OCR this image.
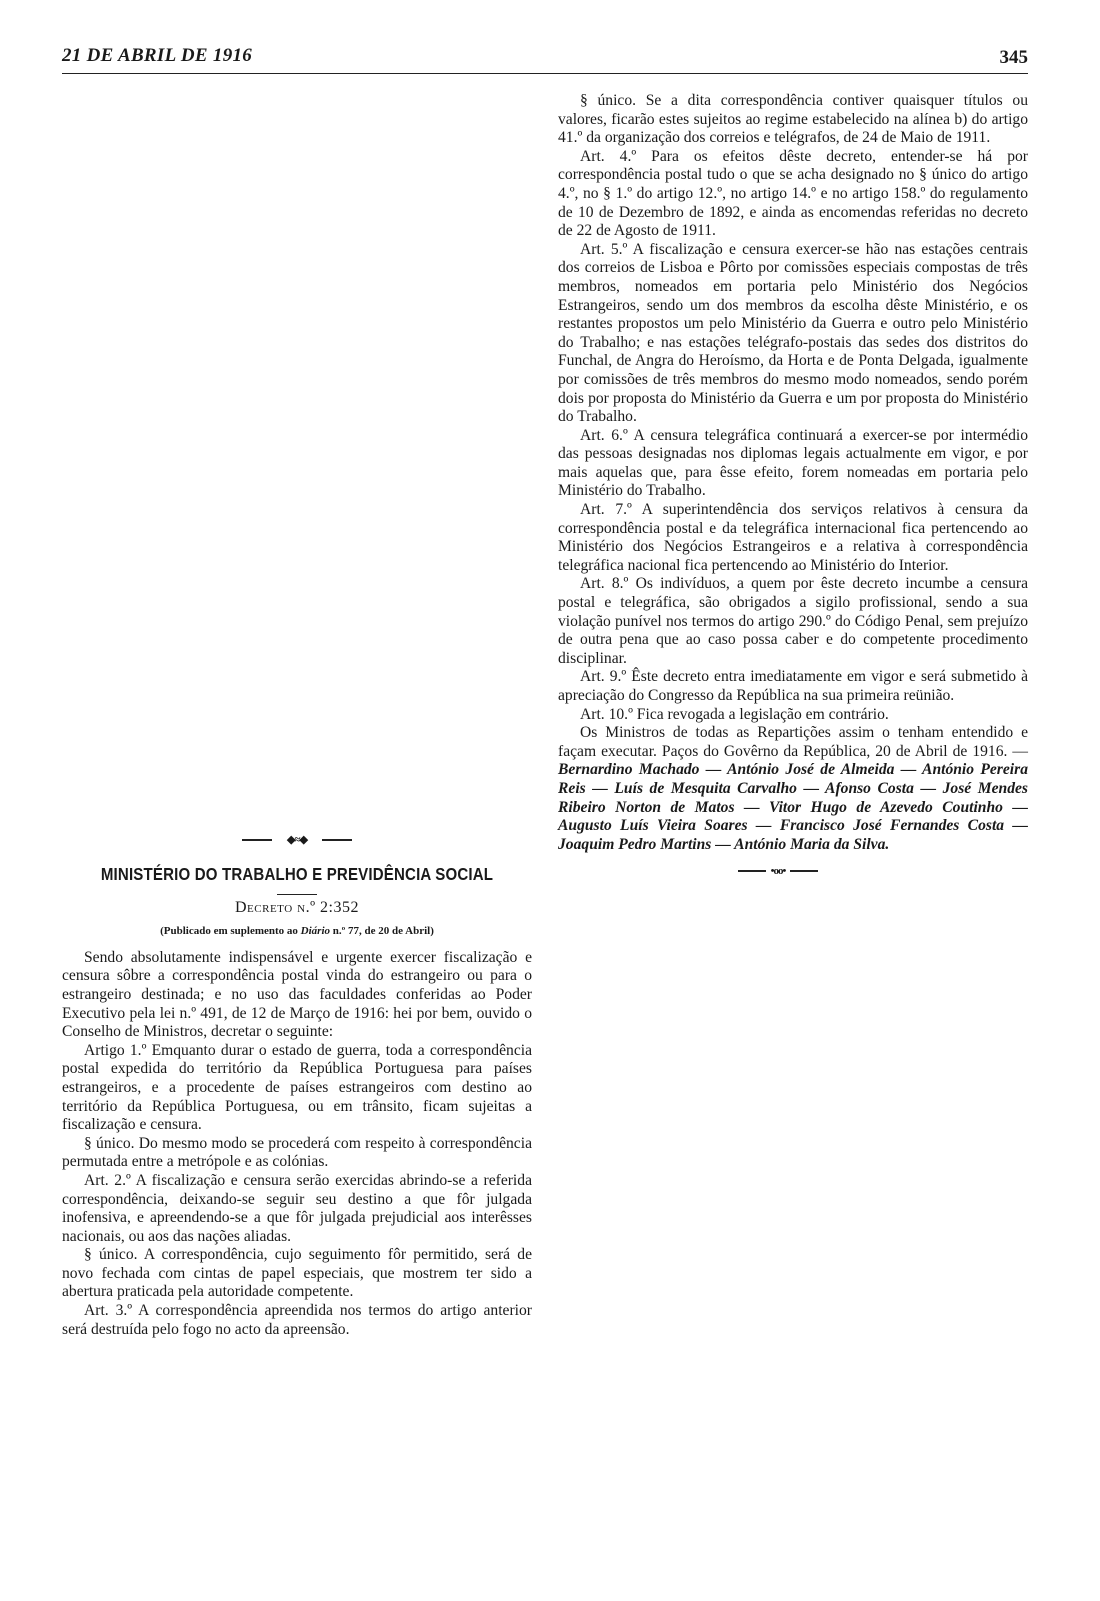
21 DE ABRIL DE 1916	345
◆≈◆
MINISTÉRIO DO TRABALHO E PREVIDÊNCIA SOCIAL

Decreto n.º 2:352

(Publicado em suplemento ao Diário n.º 77, de 20 de Abril)

Sendo absolutamente indispensável e urgente exercer fiscalização e censura sôbre a correspondência postal vinda do estrangeiro ou para o estrangeiro destinada; e no uso das faculdades conferidas ao Poder Executivo pela lei n.º 491, de 12 de Março de 1916: hei por bem, ouvido o Conselho de Ministros, decretar o seguinte:

Artigo 1.º Emquanto durar o estado de guerra, toda a correspondência postal expedida do território da República Portuguesa para países estrangeiros, e a procedente de países estrangeiros com destino ao território da República Portuguesa, ou em trânsito, ficam sujeitas a fiscalização e censura.

§ único. Do mesmo modo se procederá com respeito à correspondência permutada entre a metrópole e as colónias.

Art. 2.º A fiscalização e censura serão exercidas abrindo-se a referida correspondência, deixando-se seguir seu destino a que fôr julgada inofensiva, e apreendendo-se a que fôr julgada prejudicial aos interêsses nacionais, ou aos das nações aliadas.

§ único. A correspondência, cujo seguimento fôr permitido, será de novo fechada com cintas de papel especiais, que mostrem ter sido a abertura praticada pela autoridade competente.

Art. 3.º A correspondência apreendida nos termos do artigo anterior será destruída pelo fogo no acto da apreensão.

§ único. Se a dita correspondência contiver quaisquer títulos ou valores, ficarão estes sujeitos ao regime estabelecido na alínea b) do artigo 41.º da organização dos correios e telégrafos, de 24 de Maio de 1911.

Art. 4.º Para os efeitos dêste decreto, entender-se há por correspondência postal tudo o que se acha designado no § único do artigo 4.º, no § 1.º do artigo 12.º, no artigo 14.º e no artigo 158.º do regulamento de 10 de Dezembro de 1892, e ainda as encomendas referidas no decreto de 22 de Agosto de 1911.

Art. 5.º A fiscalização e censura exercer-se hão nas estações centrais dos correios de Lisboa e Pôrto por comissões especiais compostas de três membros, nomeados em portaria pelo Ministério dos Negócios Estrangeiros, sendo um dos membros da escolha dêste Ministério, e os restantes propostos um pelo Ministério da Guerra e outro pelo Ministério do Trabalho; e nas estações telégrafo-postais das sedes dos distritos do Funchal, de Angra do Heroísmo, da Horta e de Ponta Delgada, igualmente por comissões de três membros do mesmo modo nomeados, sendo porém dois por proposta do Ministério da Guerra e um por proposta do Ministério do Trabalho.

Art. 6.º A censura telegráfica continuará a exercer-se por intermédio das pessoas designadas nos diplomas legais actualmente em vigor, e por mais aquelas que, para êsse efeito, forem nomeadas em portaria pelo Ministério do Trabalho.

Art. 7.º A superintendência dos serviços relativos à censura da correspondência postal e da telegráfica internacional fica pertencendo ao Ministério dos Negócios Estrangeiros e a relativa à correspondência telegráfica nacional fica pertencendo ao Ministério do Interior.

Art. 8.º Os indivíduos, a quem por êste decreto incumbe a censura postal e telegráfica, são obrigados a sigilo profissional, sendo a sua violação punível nos termos do artigo 290.º do Código Penal, sem prejuízo de outra pena que ao caso possa caber e do competente procedimento disciplinar.

Art. 9.º Êste decreto entra imediatamente em vigor e será submetido à apreciação do Congresso da República na sua primeira reünião.

Art. 10.º Fica revogada a legislação em contrário.

Os Ministros de todas as Repartições assim o tenham entendido e façam executar. Paços do Govêrno da República, 20 de Abril de 1916. —Bernardino Machado — António José de Almeida — António Pereira Reis — Luís de Mesquita Carvalho — Afonso Costa — José Mendes Ribeiro Norton de Matos — Vitor Hugo de Azevedo Coutinho — Augusto Luís Vieira Soares — Francisco José Fernandes Costa — Joaquim Pedro Martins — António Maria da Silva.

•oo•
